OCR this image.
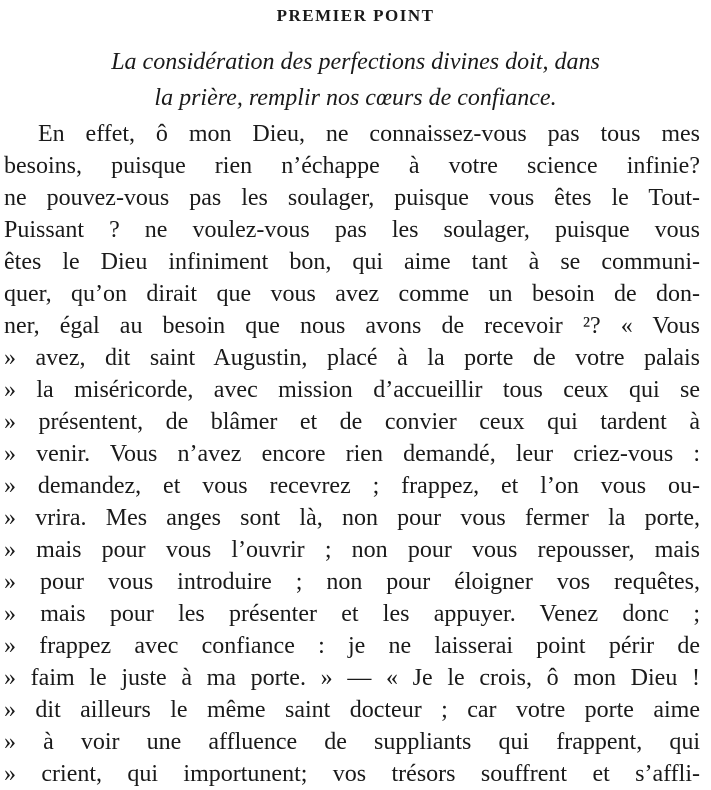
PREMIER POINT
La considération des perfections divines doit, dans
la prière, remplir nos cœurs de confiance.
En effet, ô mon Dieu, ne connaissez-vous pas tous mes
besoins, puisque rien n’échappe à votre science infinie?
ne pouvez-vous pas les soulager, puisque vous êtes le Tout-
Puissant ? ne voulez-vous pas les soulager, puisque vous
êtes le Dieu infiniment bon, qui aime tant à se communi-
quer, qu’on dirait que vous avez comme un besoin de don-
ner, égal au besoin que nous avons de recevoir ²? « Vous
» avez, dit saint Augustin, placé à la porte de votre palais
» la miséricorde, avec mission d’accueillir tous ceux qui se
» présentent, de blâmer et de convier ceux qui tardent à
» venir. Vous n’avez encore rien demandé, leur criez-vous :
» demandez, et vous recevrez ; frappez, et l’on vous ou-
» vrira. Mes anges sont là, non pour vous fermer la porte,
» mais pour vous l’ouvrir ; non pour vous repousser, mais
» pour vous introduire ; non pour éloigner vos requêtes,
» mais pour les présenter et les appuyer. Venez donc ;
» frappez avec confiance : je ne laisserai point périr de
» faim le juste à ma porte. » — « Je le crois, ô mon Dieu !
» dit ailleurs le même saint docteur ; car votre porte aime
» à voir une affluence de suppliants qui frappent, qui
» crient, qui importunent; vos trésors souffrent et s’affli-
